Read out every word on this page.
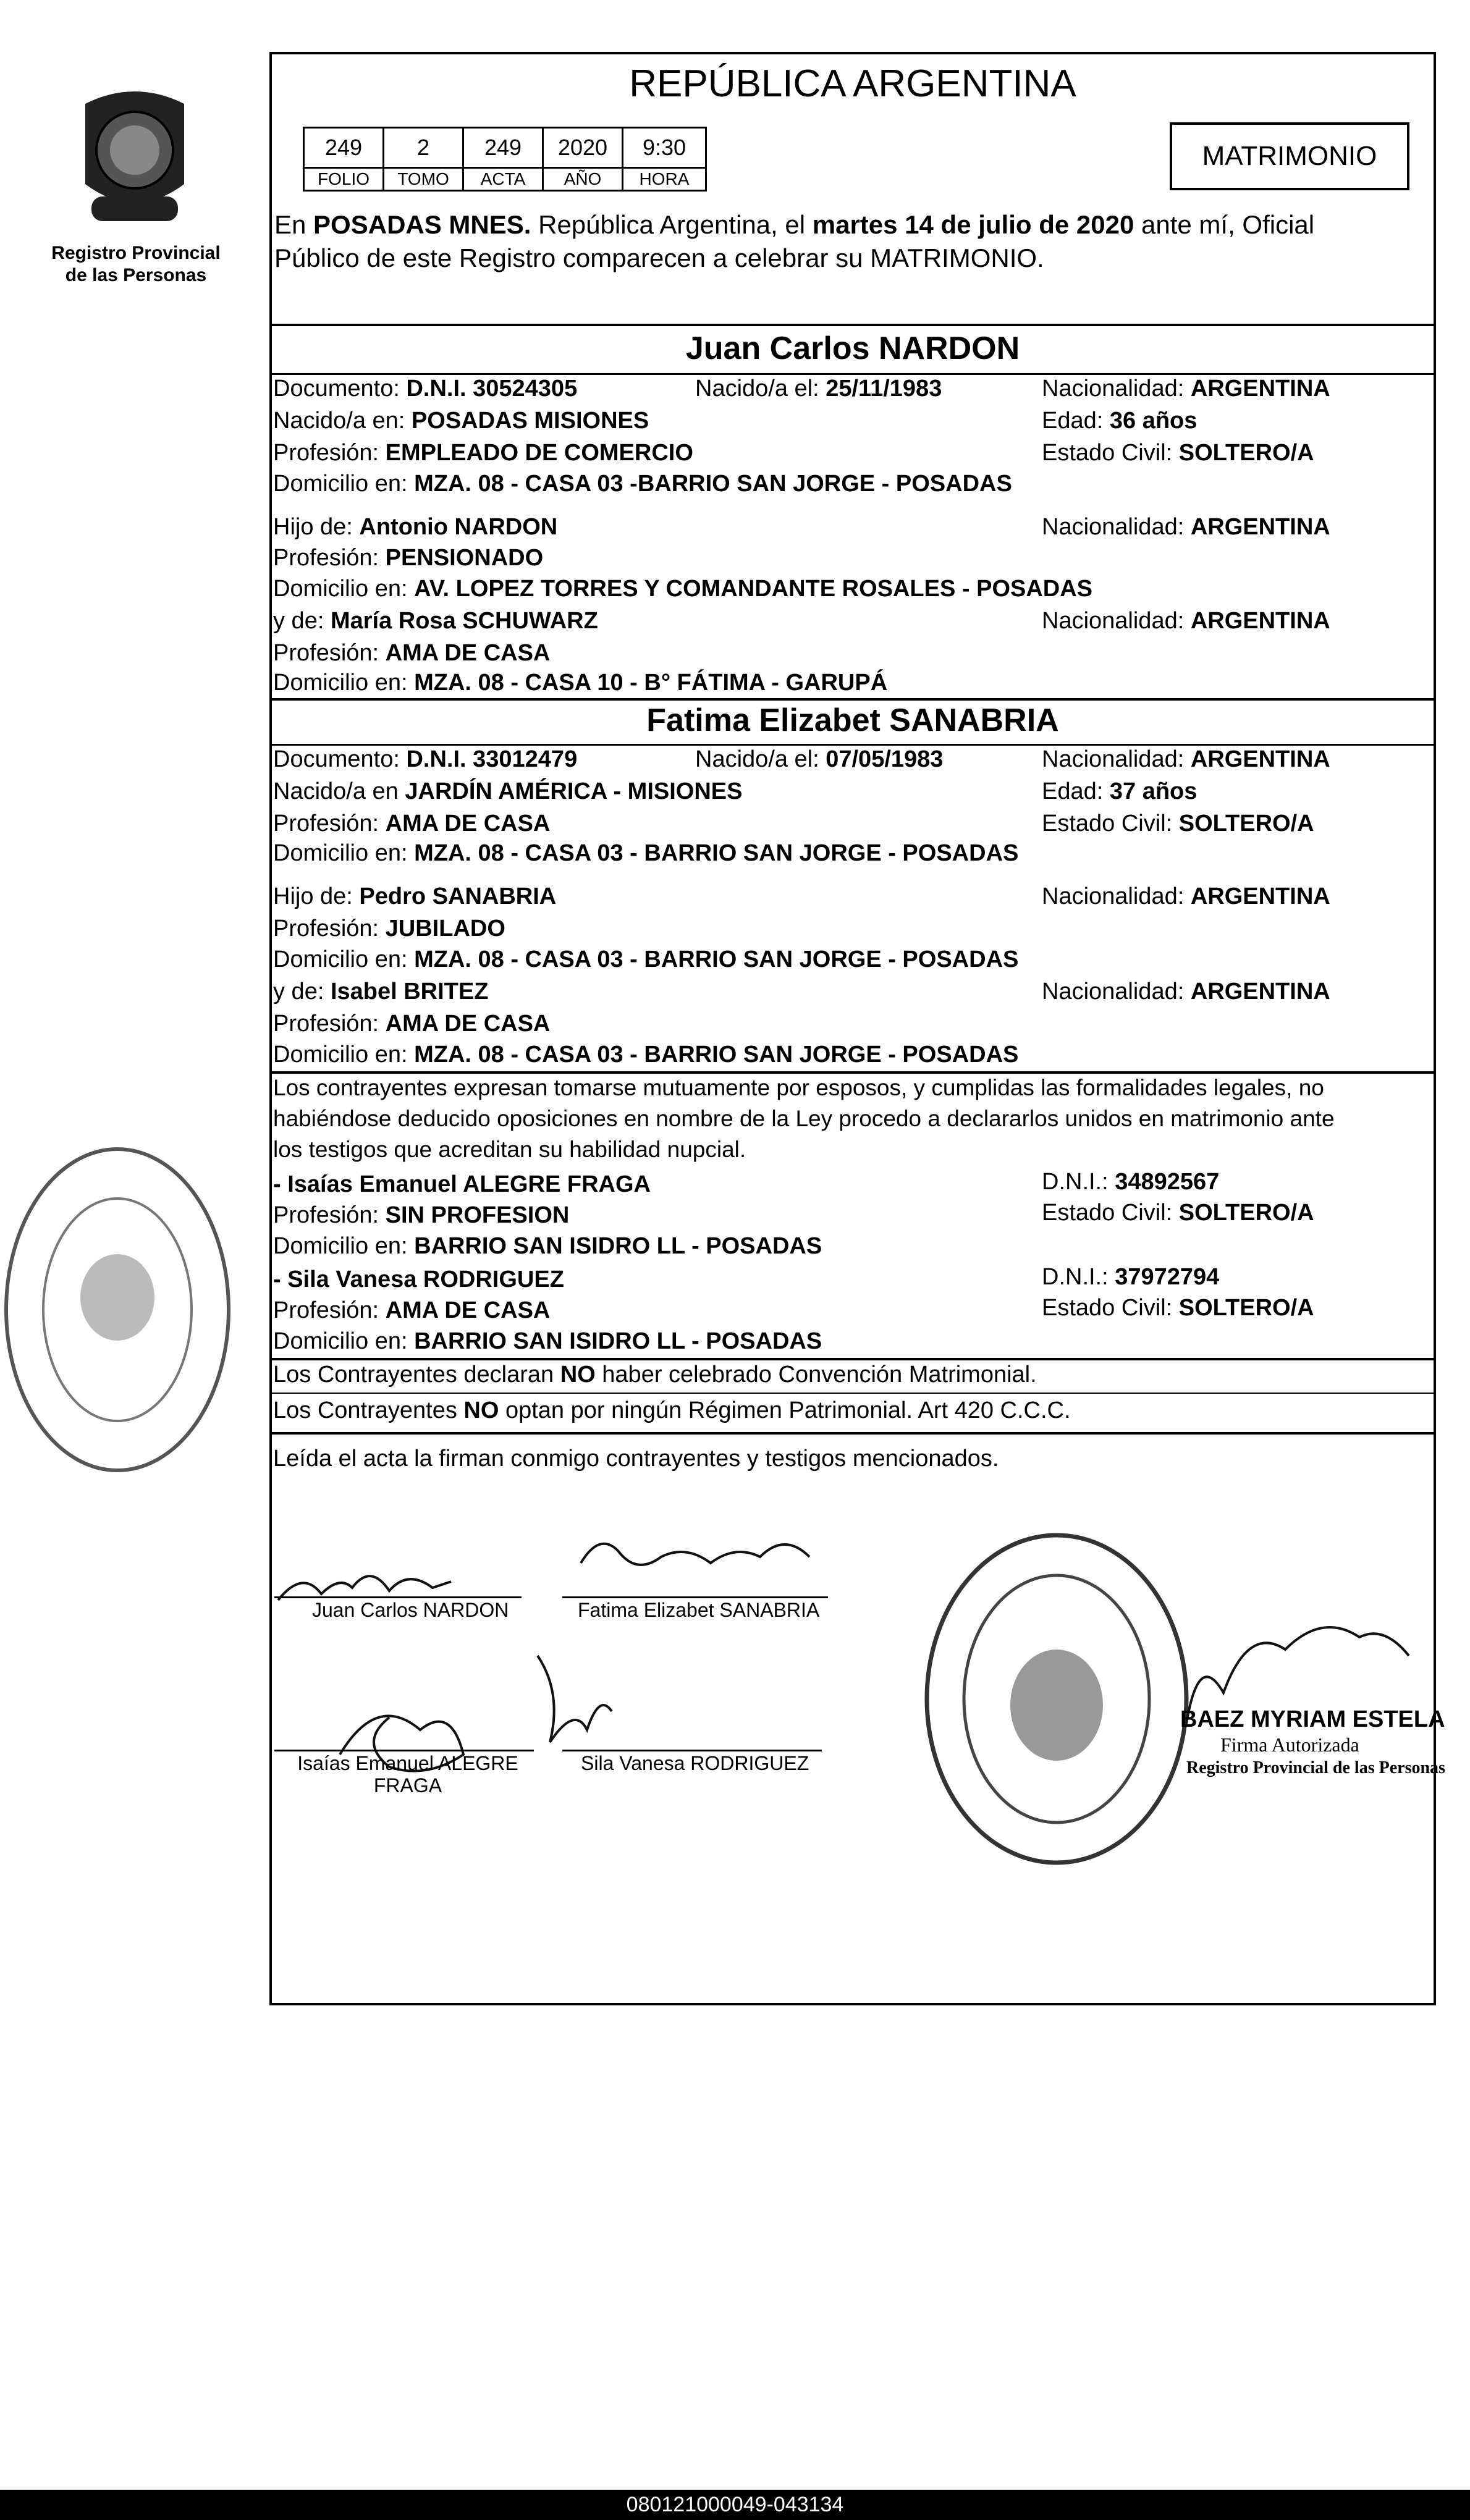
Registro Provincial
de las Personas
REPÚBLICA ARGENTINA
249	2	249	2020	9:30
FOLIO	TOMO	ACTA	AÑO	HORA
MATRIMONIO
En POSADAS MNES. República Argentina, el martes 14 de julio de 2020 ante mí, Oficial
Público de este Registro comparecen a celebrar su MATRIMONIO.
Juan Carlos NARDON
Documento: D.N.I. 30524305	Nacido/a el: 25/11/1983	Nacionalidad: ARGENTINA
Nacido/a en: POSADAS MISIONES	Edad: 36 años
Profesión: EMPLEADO DE COMERCIO	Estado Civil: SOLTERO/A
Domicilio en: MZA. 08 - CASA 03 -BARRIO SAN JORGE - POSADAS
Hijo de: Antonio NARDON	Nacionalidad: ARGENTINA
Profesión: PENSIONADO
Domicilio en: AV. LOPEZ TORRES Y COMANDANTE ROSALES - POSADAS
y de: María Rosa SCHUWARZ	Nacionalidad: ARGENTINA
Profesión: AMA DE CASA
Domicilio en: MZA. 08 - CASA 10 - B° FÁTIMA - GARUPÁ
Fatima Elizabet SANABRIA
Documento: D.N.I. 33012479	Nacido/a el: 07/05/1983	Nacionalidad: ARGENTINA
Nacido/a en JARDÍN AMÉRICA - MISIONES	Edad: 37 años
Profesión: AMA DE CASA	Estado Civil: SOLTERO/A
Domicilio en: MZA. 08 - CASA 03 - BARRIO SAN JORGE - POSADAS
Hijo de: Pedro SANABRIA	Nacionalidad: ARGENTINA
Profesión: JUBILADO
Domicilio en: MZA. 08 - CASA 03 - BARRIO SAN JORGE - POSADAS
y de: Isabel BRITEZ	Nacionalidad: ARGENTINA
Profesión: AMA DE CASA
Domicilio en: MZA. 08 - CASA 03 - BARRIO SAN JORGE - POSADAS
Los contrayentes expresan tomarse mutuamente por esposos, y cumplidas las formalidades legales, no
habiéndose deducido oposiciones en nombre de la Ley procedo a declararlos unidos en matrimonio ante
los testigos que acreditan su habilidad nupcial.
- Isaías Emanuel ALEGRE FRAGA	D.N.I.: 34892567
Profesión: SIN PROFESION	Estado Civil: SOLTERO/A
Domicilio en: BARRIO SAN ISIDRO LL - POSADAS
- Sila Vanesa RODRIGUEZ	D.N.I.: 37972794
Profesión: AMA DE CASA	Estado Civil: SOLTERO/A
Domicilio en: BARRIO SAN ISIDRO LL - POSADAS
Los Contrayentes declaran NO haber celebrado Convención Matrimonial.
Los Contrayentes NO optan por ningún Régimen Patrimonial. Art 420 C.C.C.
Leída el acta la firman conmigo contrayentes y testigos mencionados.
Juan Carlos NARDON	Fatima Elizabet SANABRIA
Isaías Emanuel ALEGRE
FRAGA
Sila Vanesa RODRIGUEZ
BAEZ MYRIAM ESTELA
Firma Autorizada
Registro Provincial de las Personas
080121000049-043134
